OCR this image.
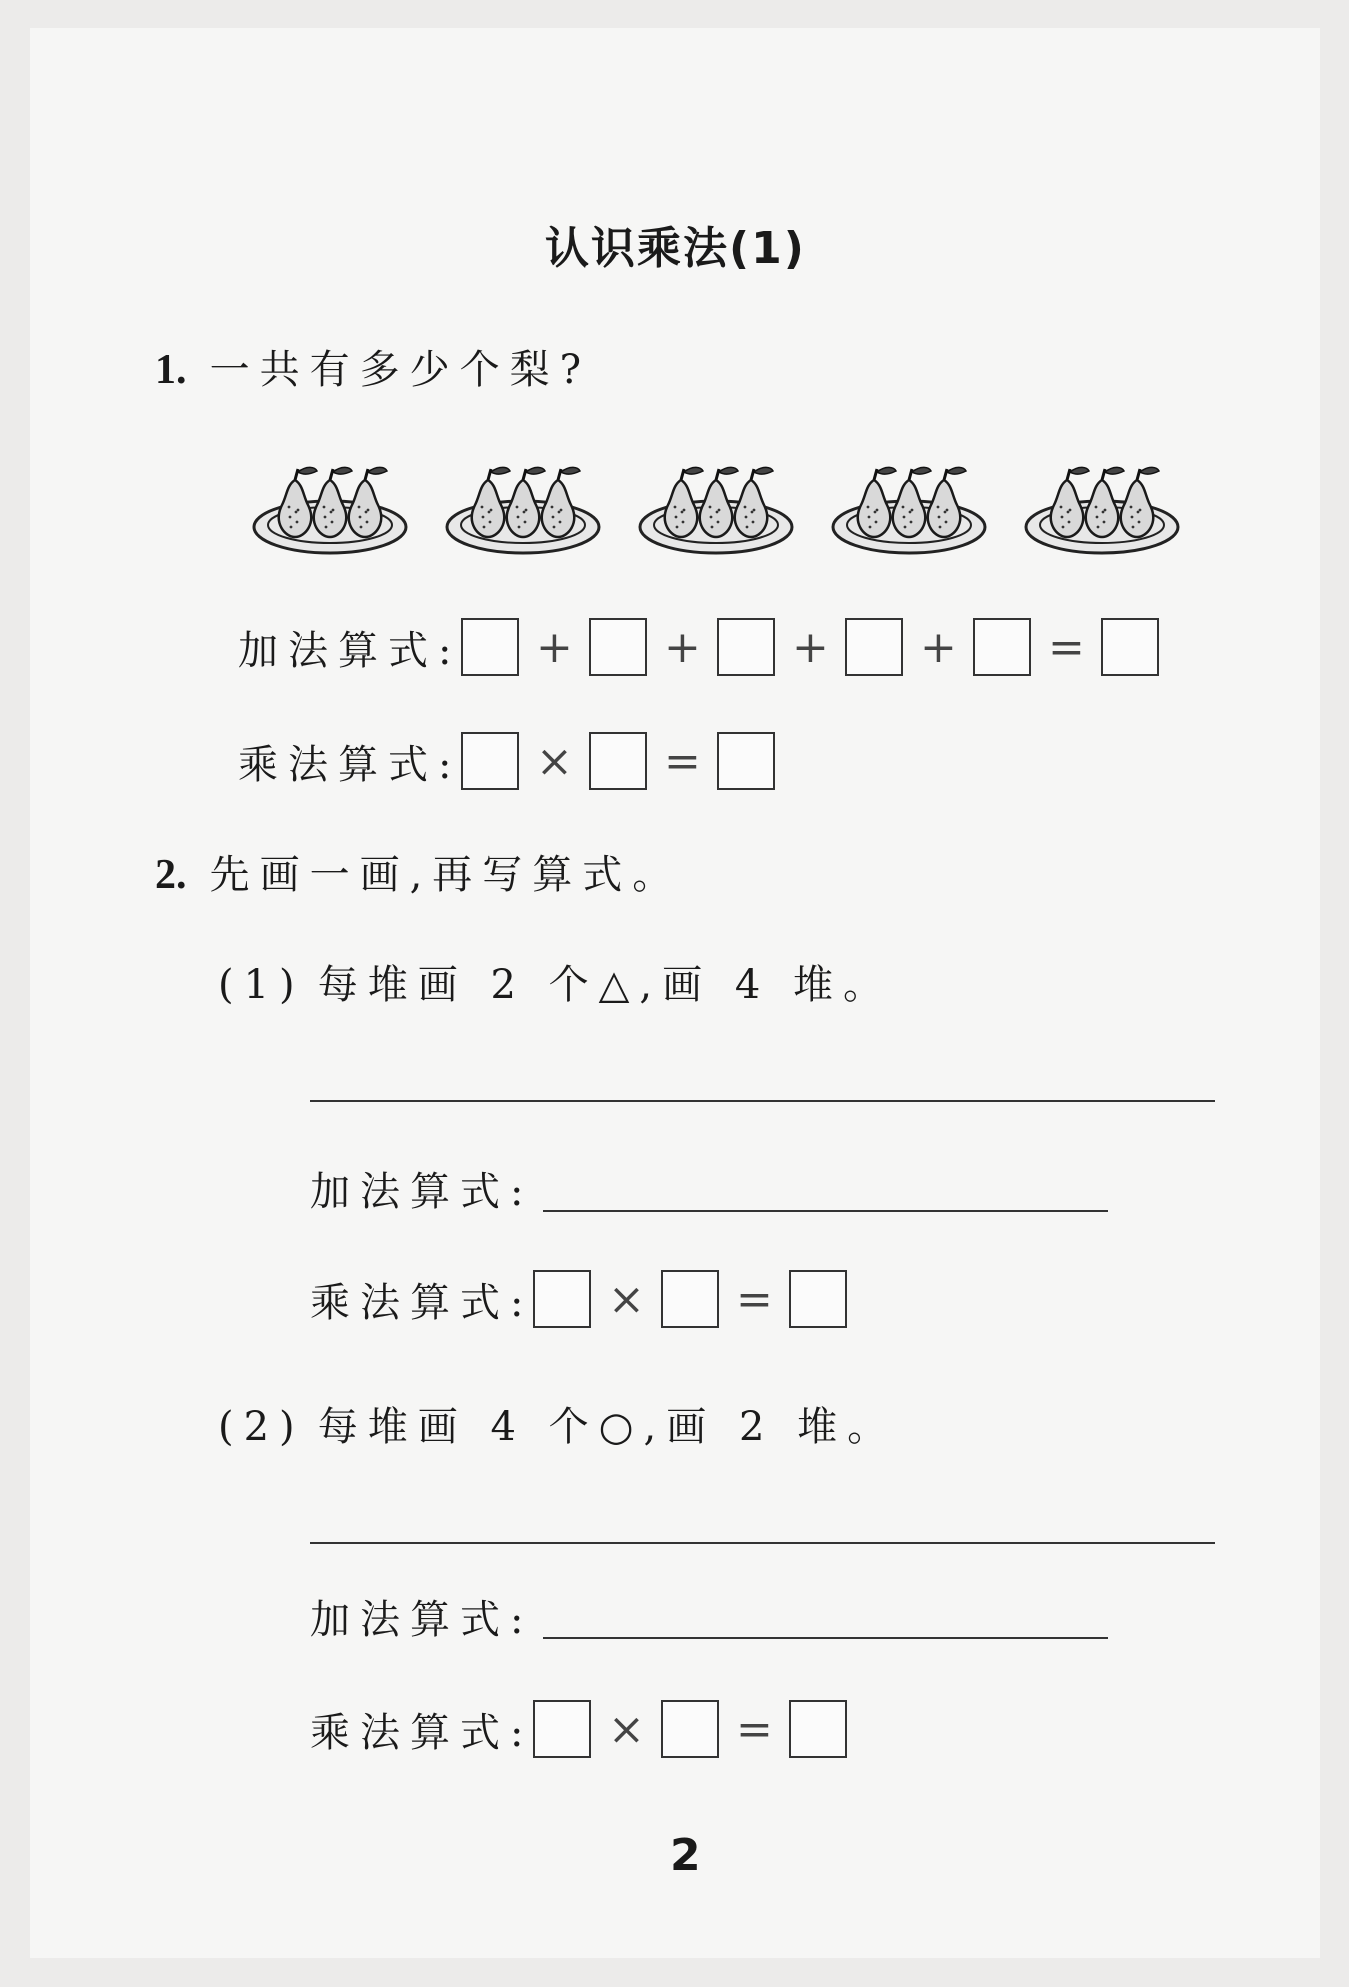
认识乘法(1)
1. 一共有多少个梨?
加法算式:	+	+	+	+	=
乘法算式:	×	=
2. 先画一画,再写算式。
(1) 每堆画 2 个△,画 4 堆。
加法算式:
乘法算式:	×	=
(2) 每堆画 4 个○,画 2 堆。
加法算式:
乘法算式:	×	=
2
